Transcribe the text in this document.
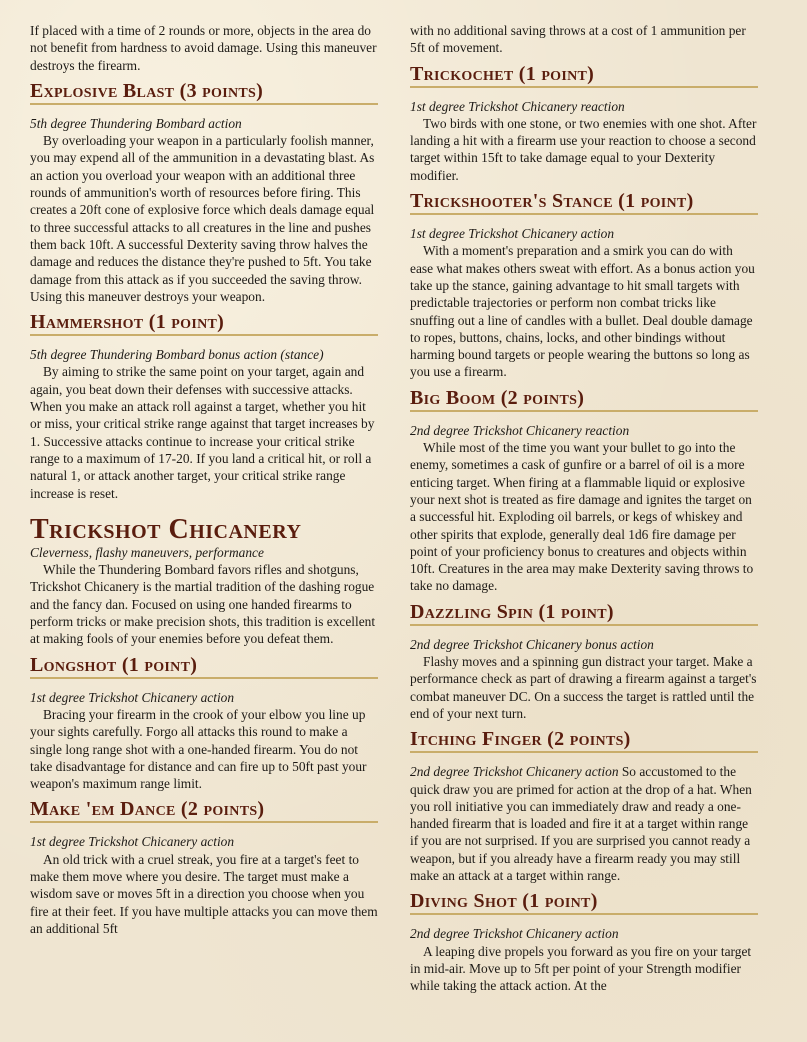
If placed with a time of 2 rounds or more, objects in the area do not benefit from hardness to avoid damage. Using this maneuver destroys the firearm.

Explosive Blast (3 points)

5th degree Thundering Bombard action

By overloading your weapon in a particularly foolish manner, you may expend all of the ammunition in a devastating blast. As an action you overload your weapon with an additional three rounds of ammunition's worth of resources before firing. This creates a 20ft cone of explosive force which deals damage equal to three successful attacks to all creatures in the line and pushes them back 10ft. A successful Dexterity saving throw halves the damage and reduces the distance they're pushed to 5ft. You take damage from this attack as if you succeeded the saving throw. Using this maneuver destroys your weapon.

Hammershot (1 point)

5th degree Thundering Bombard bonus action (stance)

By aiming to strike the same point on your target, again and again, you beat down their defenses with successive attacks. When you make an attack roll against a target, whether you hit or miss, your critical strike range against that target increases by 1. Successive attacks continue to increase your critical strike range to a maximum of 17-20. If you land a critical hit, or roll a natural 1, or attack another target, your critical strike range increase is reset.

Trickshot Chicanery

Cleverness, flashy maneuvers, performance

While the Thundering Bombard favors rifles and shotguns, Trickshot Chicanery is the martial tradition of the dashing rogue and the fancy dan. Focused on using one handed firearms to perform tricks or make precision shots, this tradition is excellent at making fools of your enemies before you defeat them.

Longshot (1 point)

1st degree Trickshot Chicanery action

Bracing your firearm in the crook of your elbow you line up your sights carefully. Forgo all attacks this round to make a single long range shot with a one-handed firearm. You do not take disadvantage for distance and can fire up to 50ft past your weapon's maximum range limit.

Make 'em Dance (2 points)

1st degree Trickshot Chicanery action

An old trick with a cruel streak, you fire at a target's feet to make them move where you desire. The target must make a wisdom save or moves 5ft in a direction you choose when you fire at their feet. If you have multiple attacks you can move them an additional 5ft

with no additional saving throws at a cost of 1 ammunition per 5ft of movement.

Trickochet (1 point)

1st degree Trickshot Chicanery reaction

Two birds with one stone, or two enemies with one shot. After landing a hit with a firearm use your reaction to choose a second target within 15ft to take damage equal to your Dexterity modifier.

Trickshooter's Stance (1 point)

1st degree Trickshot Chicanery action

With a moment's preparation and a smirk you can do with ease what makes others sweat with effort. As a bonus action you take up the stance, gaining advantage to hit small targets with predictable trajectories or perform non combat tricks like snuffing out a line of candles with a bullet. Deal double damage to ropes, buttons, chains, locks, and other bindings without harming bound targets or people wearing the buttons so long as you use a firearm.

Big Boom (2 points)

2nd degree Trickshot Chicanery reaction

While most of the time you want your bullet to go into the enemy, sometimes a cask of gunfire or a barrel of oil is a more enticing target. When firing at a flammable liquid or explosive your next shot is treated as fire damage and ignites the target on a successful hit. Exploding oil barrels, or kegs of whiskey and other spirits that explode, generally deal 1d6 fire damage per point of your proficiency bonus to creatures and objects within 10ft. Creatures in the area may make Dexterity saving throws to take no damage.

Dazzling Spin (1 point)

2nd degree Trickshot Chicanery bonus action

Flashy moves and a spinning gun distract your target. Make a performance check as part of drawing a firearm against a target's combat maneuver DC. On a success the target is rattled until the end of your next turn.

Itching Finger (2 points)

2nd degree Trickshot Chicanery action So accustomed to the quick draw you are primed for action at the drop of a hat. When you roll initiative you can immediately draw and ready a one-handed firearm that is loaded and fire it at a target within range if you are not surprised. If you are surprised you cannot ready a weapon, but if you already have a firearm ready you may still make an attack at a target within range.

Diving Shot (1 point)

2nd degree Trickshot Chicanery action

A leaping dive propels you forward as you fire on your target in mid-air. Move up to 5ft per point of your Strength modifier while taking the attack action. At the
